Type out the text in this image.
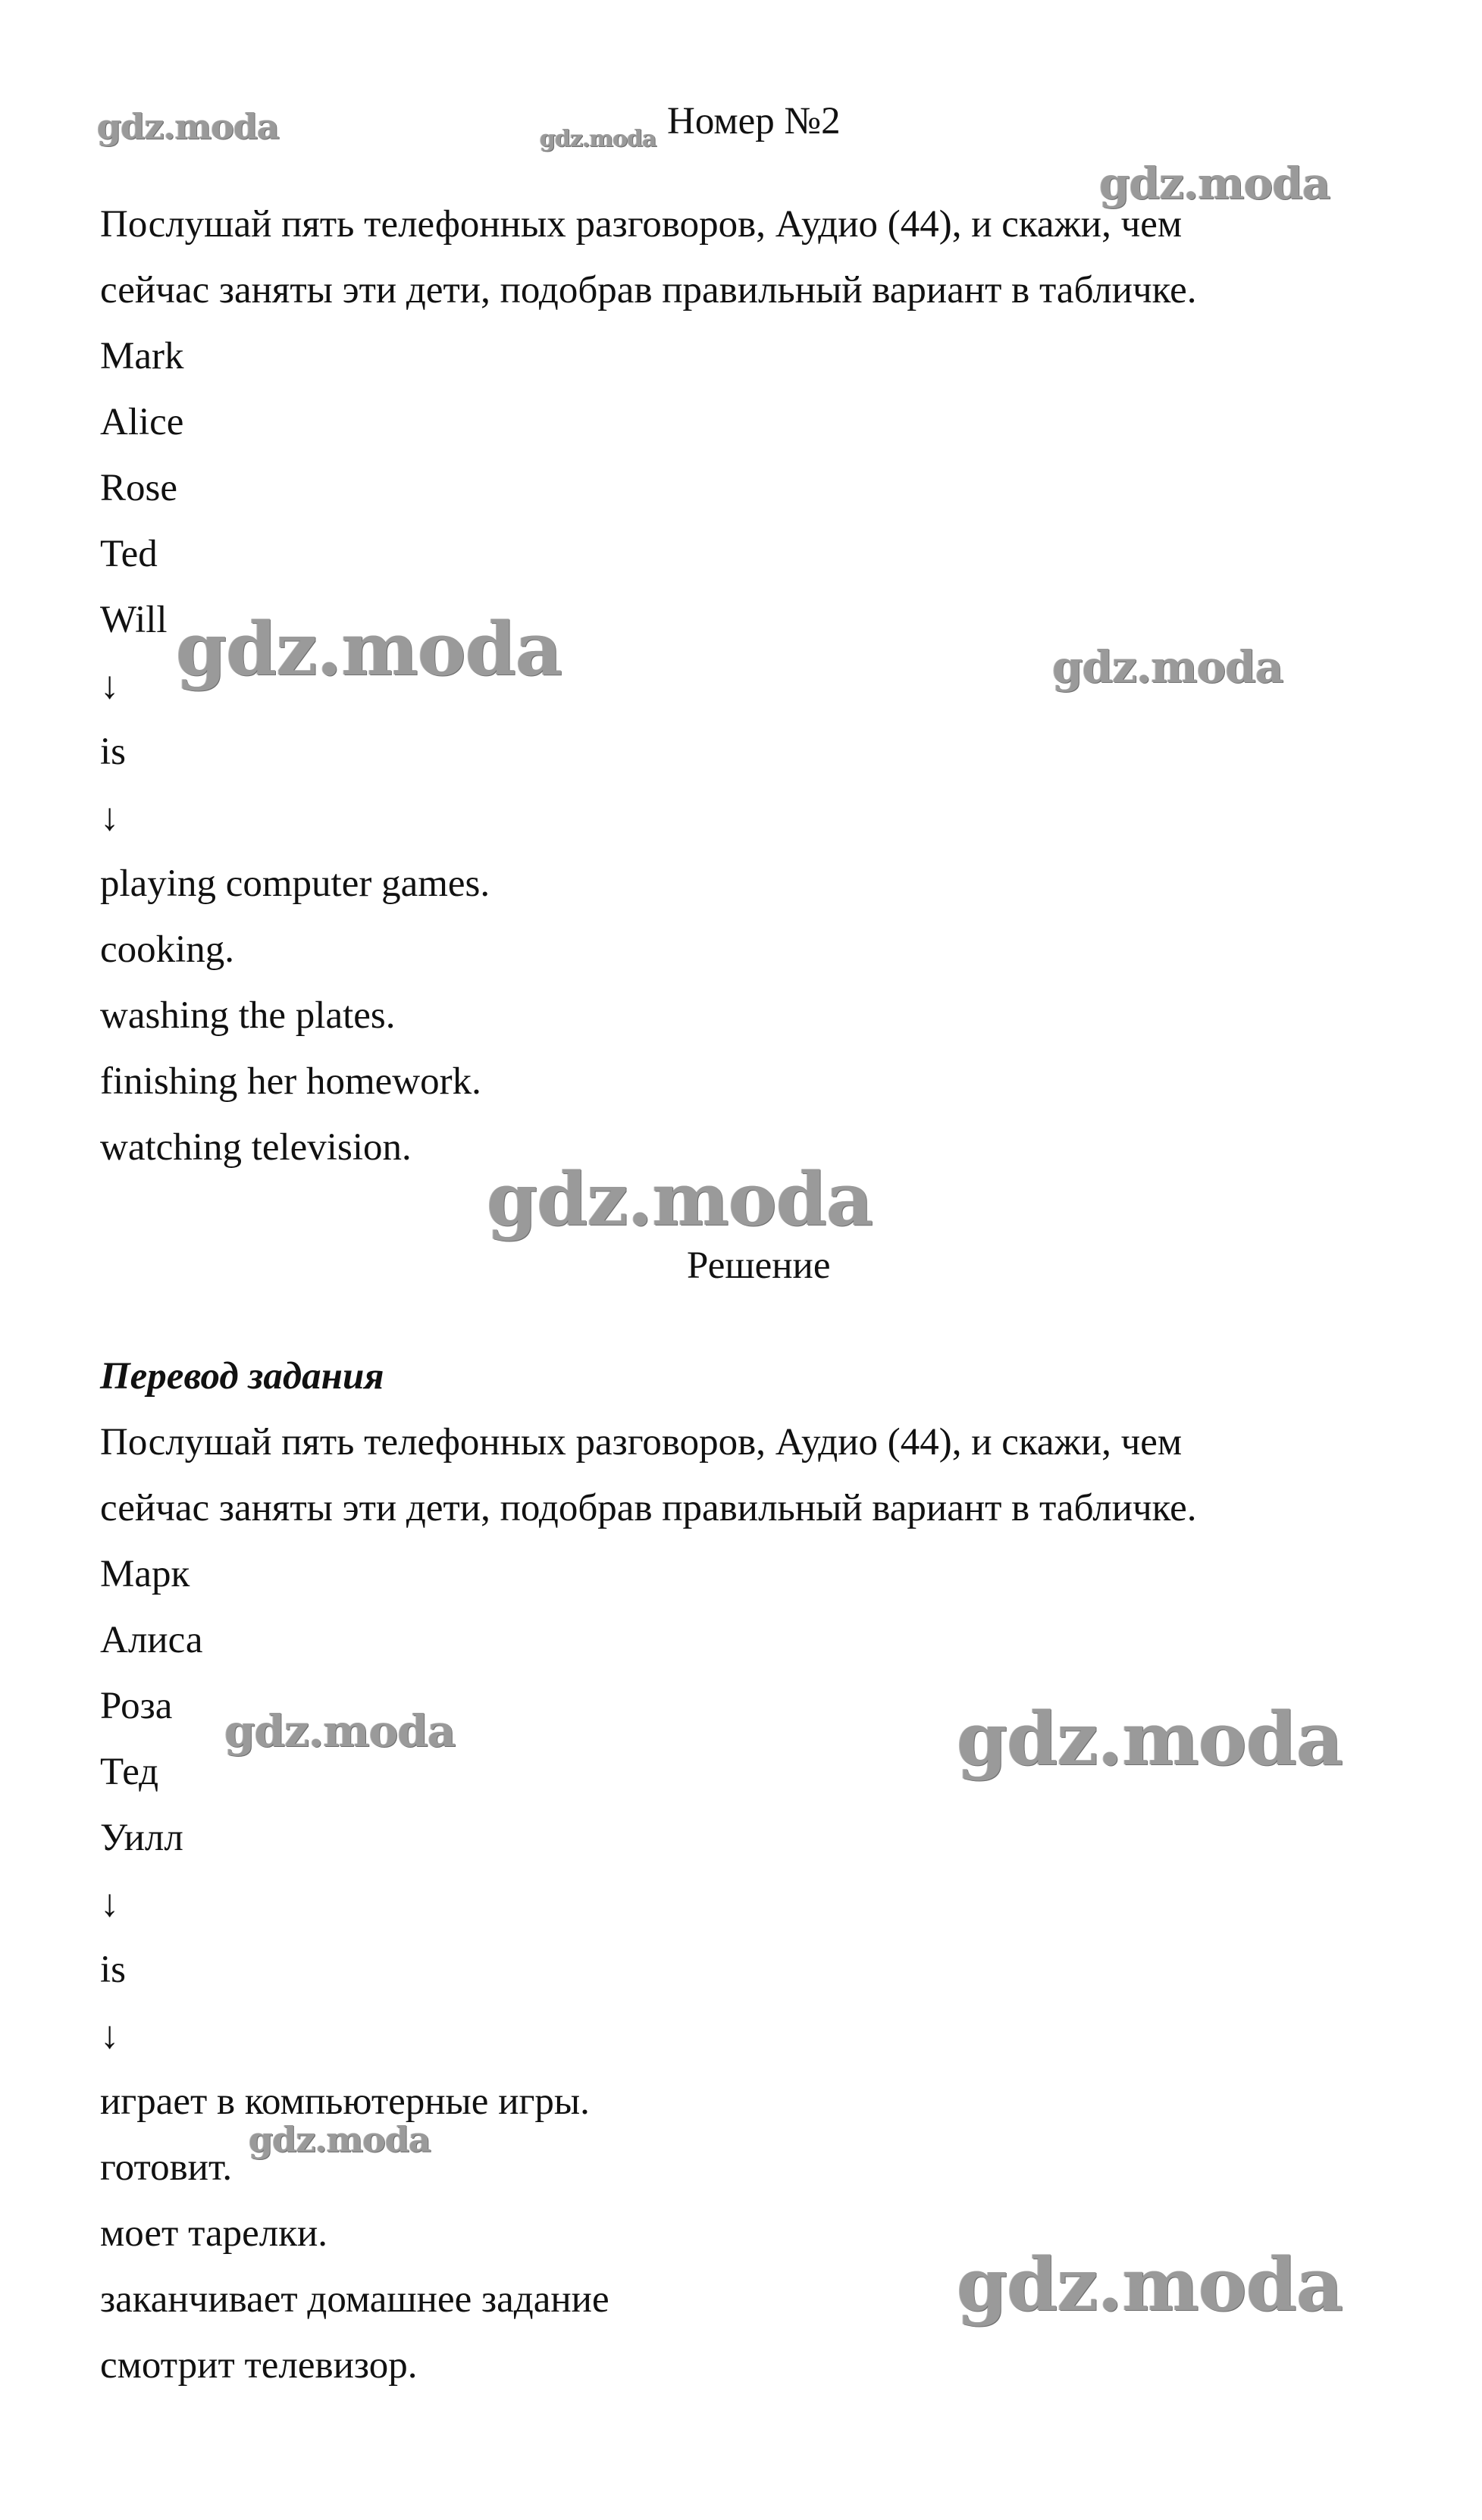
gdz.moda	gdz.moda
gdz.moda
gdz.moda	gdz.moda
gdz.moda
gdz.moda	gdz.moda
gdz.moda
gdz.moda
Номер №2
Послушай пять телефонных разговоров, Аудио (44), и скажи, чем
сейчас заняты эти дети, подобрав правильный вариант в табличке.
Mark
Alice
Rose
Ted
Will
↓
is
↓
playing computer games.
cooking.
washing the plates.
finishing her homework.
watching television.
Решение
Перевод задания
Послушай пять телефонных разговоров, Аудио (44), и скажи, чем
сейчас заняты эти дети, подобрав правильный вариант в табличке.
Марк
Алиса
Роза
Тед
Уилл
↓
is
↓
играет в компьютерные игры.
готовит.
моет тарелки.
заканчивает домашнее задание
смотрит телевизор.
